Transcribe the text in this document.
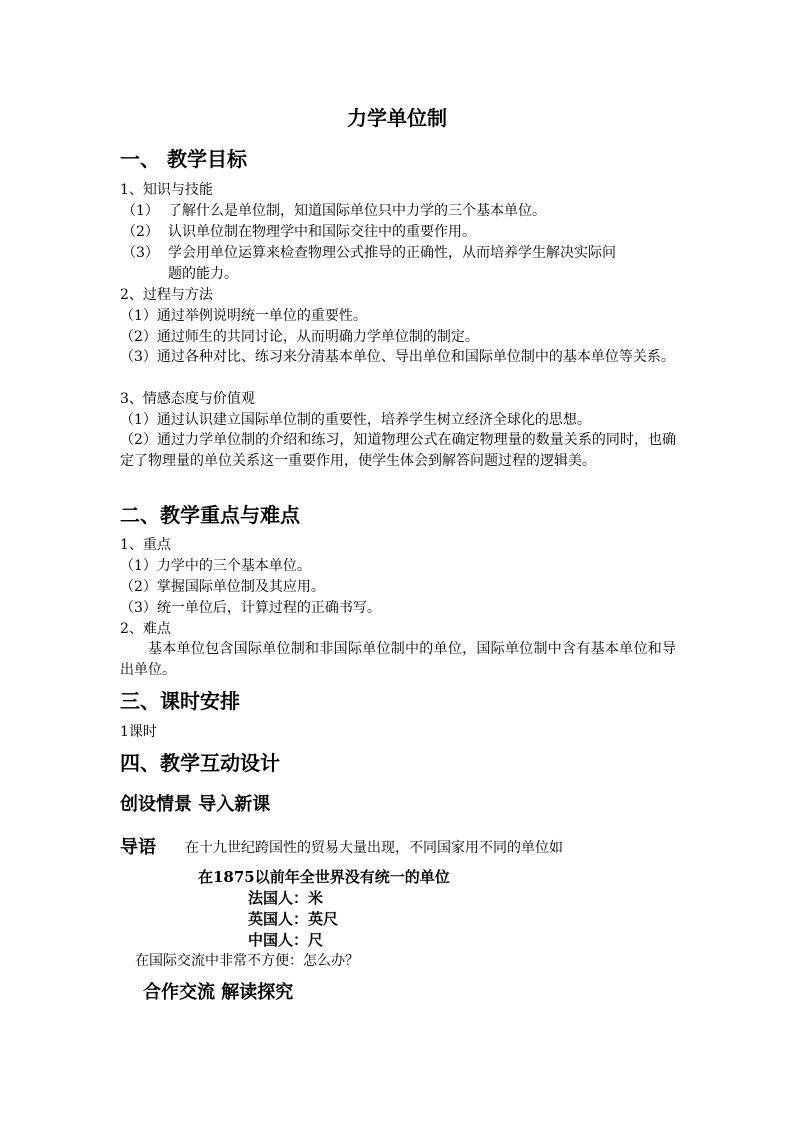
力学单位制
一、 教学目标
1、知识与技能
（1） 了解什么是单位制，知道国际单位只中力学的三个基本单位。
（2） 认识单位制在物理学中和国际交往中的重要作用。
（3） 学会用单位运算来检查物理公式推导的正确性，从而培养学生解决实际问
题的能力。
2、过程与方法
（1）通过举例说明统一单位的重要性。
（2）通过师生的共同讨论，从而明确力学单位制的制定。
（3）通过各种对比、练习来分清基本单位、导出单位和国际单位制中的基本单位等关系。
3、情感态度与价值观
（1）通过认识建立国际单位制的重要性，培养学生树立经济全球化的思想。
（2）通过力学单位制的介绍和练习，知道物理公式在确定物理量的数量关系的同时，也确定了物理量的单位关系这一重要作用，使学生体会到解答问题过程的逻辑美。
二、教学重点与难点
1、重点
（1）力学中的三个基本单位。
（2）掌握国际单位制及其应用。
（3）统一单位后，计算过程的正确书写。
2、难点
基本单位包含国际单位制和非国际单位制中的单位，国际单位制中含有基本单位和导出单位。
三、课时安排
1课时
四、教学互动设计
创设情景 导入新课
导语 在十九世纪跨国性的贸易大量出现，不同国家用不同的单位如
在1875以前年全世界没有统一的单位
法国人：米
英国人：英尺
中国人：尺
在国际交流中非常不方便：怎么办？
合作交流 解读探究
